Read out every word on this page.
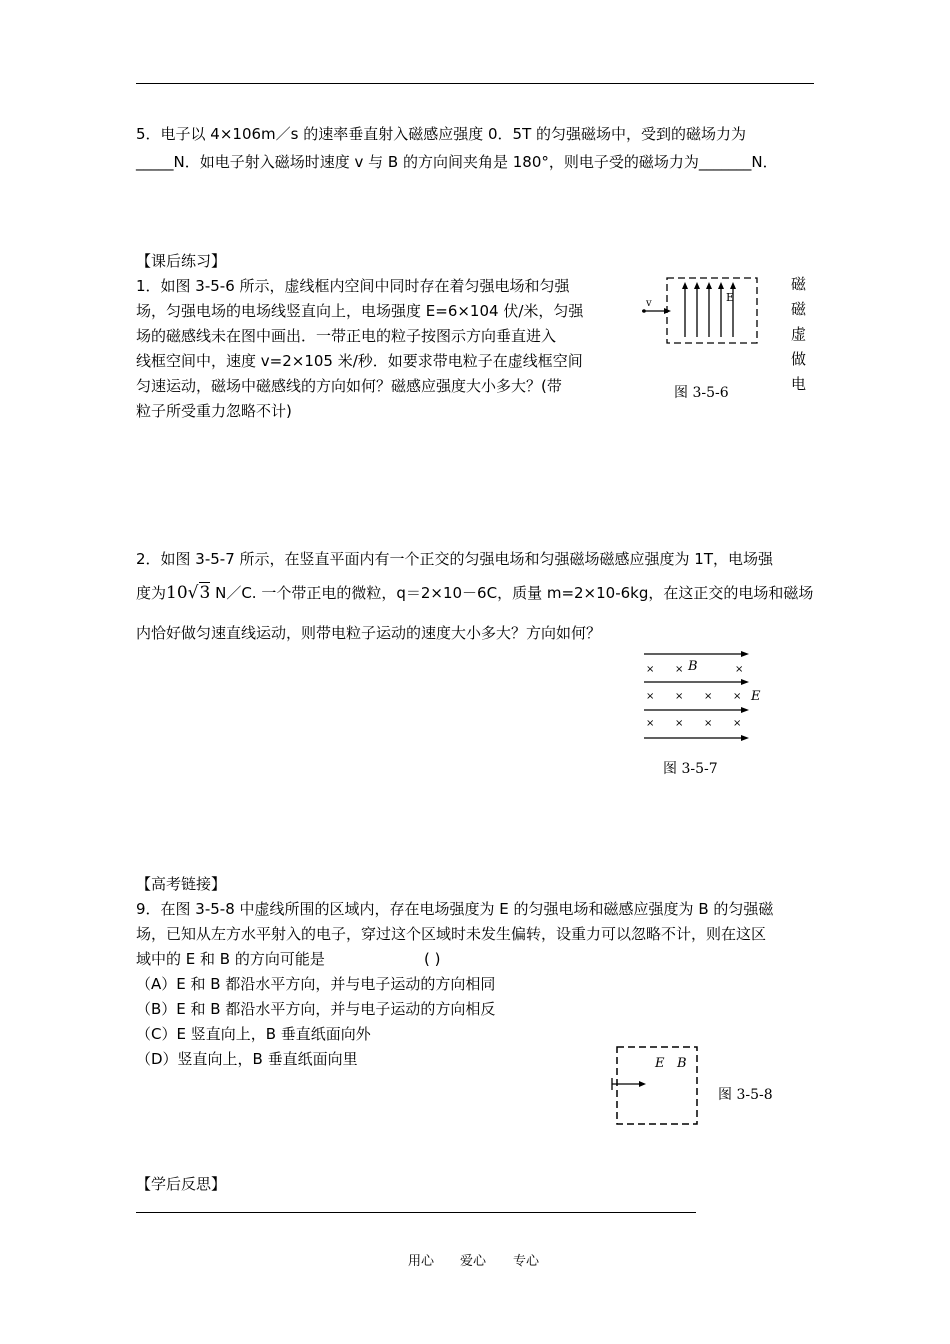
5．电子以 4×106m／s 的速率垂直射入磁感应强度 0．5T 的匀强磁场中，受到的磁场力为
_____N．如电子射入磁场时速度 v 与 B 的方向间夹角是 180°，则电子受的磁场力为_______N．
【课后练习】
1．如图 3-5-6 所示，虚线框内空间中同时存在着匀强电场和匀强
场，匀强电场的电场线竖直向上，电场强度 E=6×104 伏/米，匀强
场的磁感线未在图中画出．一带正电的粒子按图示方向垂直进入
线框空间中，速度 v=2×105 米/秒．如要求带电粒子在虚线框空间
匀速运动，磁场中磁感线的方向如何？磁感应强度大小多大？(带
粒子所受重力忽略不计)
磁
磁
虚
做
电
v	E
图 3-5-6
2．如图 3-5-7 所示，在竖直平面内有一个正交的匀强电场和匀强磁场磁感应强度为 1T，电场强
度为10√3 N／C. 一个带正电的微粒，q＝2×10－6C，质量 m=2×10-6kg，在这正交的电场和磁场
内恰好做匀速直线运动，则带电粒子运动的速度大小多大？方向如何？
× ×	×
× × × ×
× × × ×
B
E
图 3-5-7
【高考链接】
9．在图 3-5-8 中虚线所围的区域内，存在电场强度为 E 的匀强电场和磁感应强度为 B 的匀强磁
场，已知从左方水平射入的电子，穿过这个区域时未发生偏转，设重力可以忽略不计，则在这区
域中的 E 和 B 的方向可能是	( )
（A）E 和 B 都沿水平方向，并与电子运动的方向相同
（B）E 和 B 都沿水平方向，并与电子运动的方向相反
（C）E 竖直向上，B 垂直纸面向外
（D）竖直向上，B 垂直纸面向里	E B
图 3-5-8
【学后反思】
用心 爱心 专心
